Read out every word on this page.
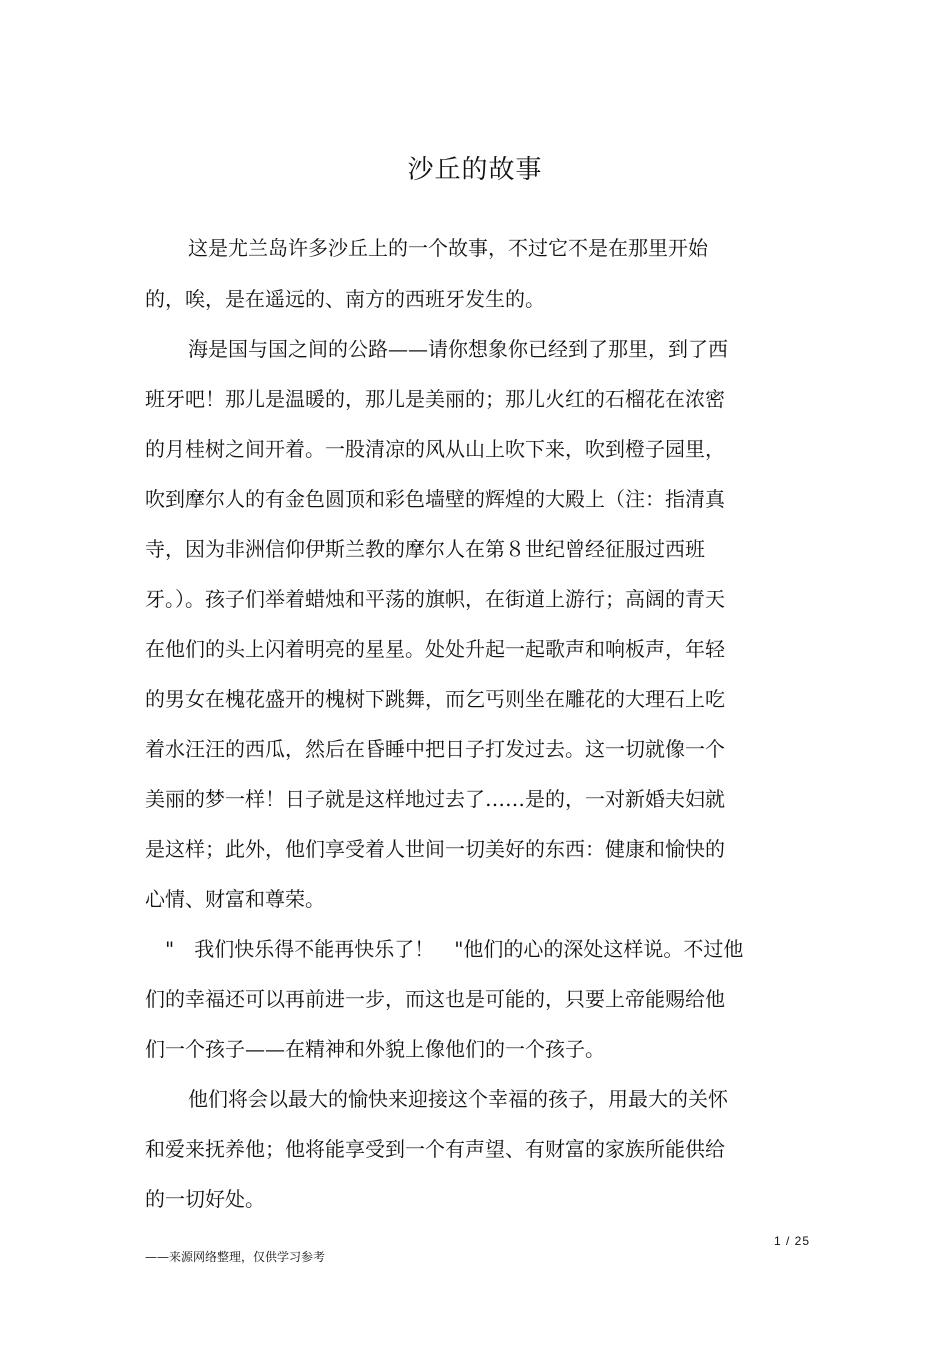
沙丘的故事
这是尤兰岛许多沙丘上的一个故事，不过它不是在那里开始
的，唉，是在遥远的、南方的西班牙发生的。
海是国与国之间的公路——请你想象你已经到了那里，到了西
班牙吧！那儿是温暖的，那儿是美丽的；那儿火红的石榴花在浓密
的月桂树之间开着。一股清凉的风从山上吹下来，吹到橙子园里，
吹到摩尔人的有金色圆顶和彩色墙壁的辉煌的大殿上（注：指清真
寺，因为非洲信仰伊斯兰教的摩尔人在第８世纪曾经征服过西班
牙。）。孩子们举着蜡烛和平荡的旗帜，在街道上游行；高阔的青天
在他们的头上闪着明亮的星星。处处升起一起歌声和响板声，年轻
的男女在槐花盛开的槐树下跳舞，而乞丐则坐在雕花的大理石上吃
着水汪汪的西瓜，然后在昏睡中把日子打发过去。这一切就像一个
美丽的梦一样！日子就是这样地过去了……是的，一对新婚夫妇就
是这样；此外，他们享受着人世间一切美好的东西：健康和愉快的
心情、财富和尊荣。
"　我们快乐得不能再快乐了！　"他们的心的深处这样说。不过他
们的幸福还可以再前进一步，而这也是可能的，只要上帝能赐给他
们一个孩子——在精神和外貌上像他们的一个孩子。
他们将会以最大的愉快来迎接这个幸福的孩子，用最大的关怀
和爱来抚养他；他将能享受到一个有声望、有财富的家族所能供给
的一切好处。
1 / 25
——来源网络整理，仅供学习参考
